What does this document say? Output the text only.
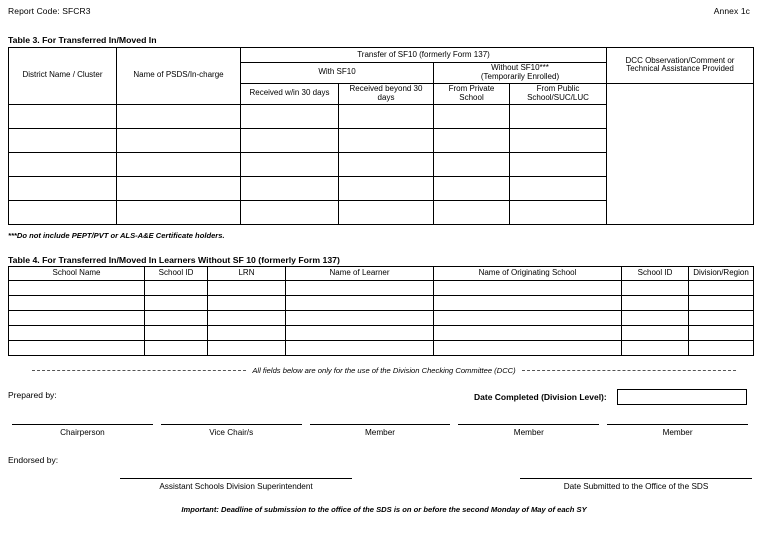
Report Code: SFCR3	Annex 1c
Table 3. For Transferred In/Moved In
District Name / Cluster	Name of PSDS/In-charge	Transfer of SF10 (formerly Form 137)				DCC Observation/Comment or
Technical Assistance Provided

		With SF10		Without SF10***
(Temporarily Enrolled)		

		Received w/in 30 days	Received beyond 30 days	From Private School	From Public School/SUC/LUC	

***Do not include PEPT/PVT or ALS-A&E Certificate holders.
Table 4. For Transferred In/Moved In Learners Without SF 10 (formerly Form 137)
School Name	School ID	LRN	Name of Learner	Name of Originating School	School ID	Division/Region

All fields below are only for the use of the Division Checking Committee (DCC)
Prepared by:	Date Completed (Division Level):
Chairperson	Vice Chair/s	Member	Member	Member
Endorsed by:
Assistant Schools Division Superintendent	Date Submitted to the Office of the SDS
Important: Deadline of submission to the office of the SDS is on or before the second Monday of May of each SY
